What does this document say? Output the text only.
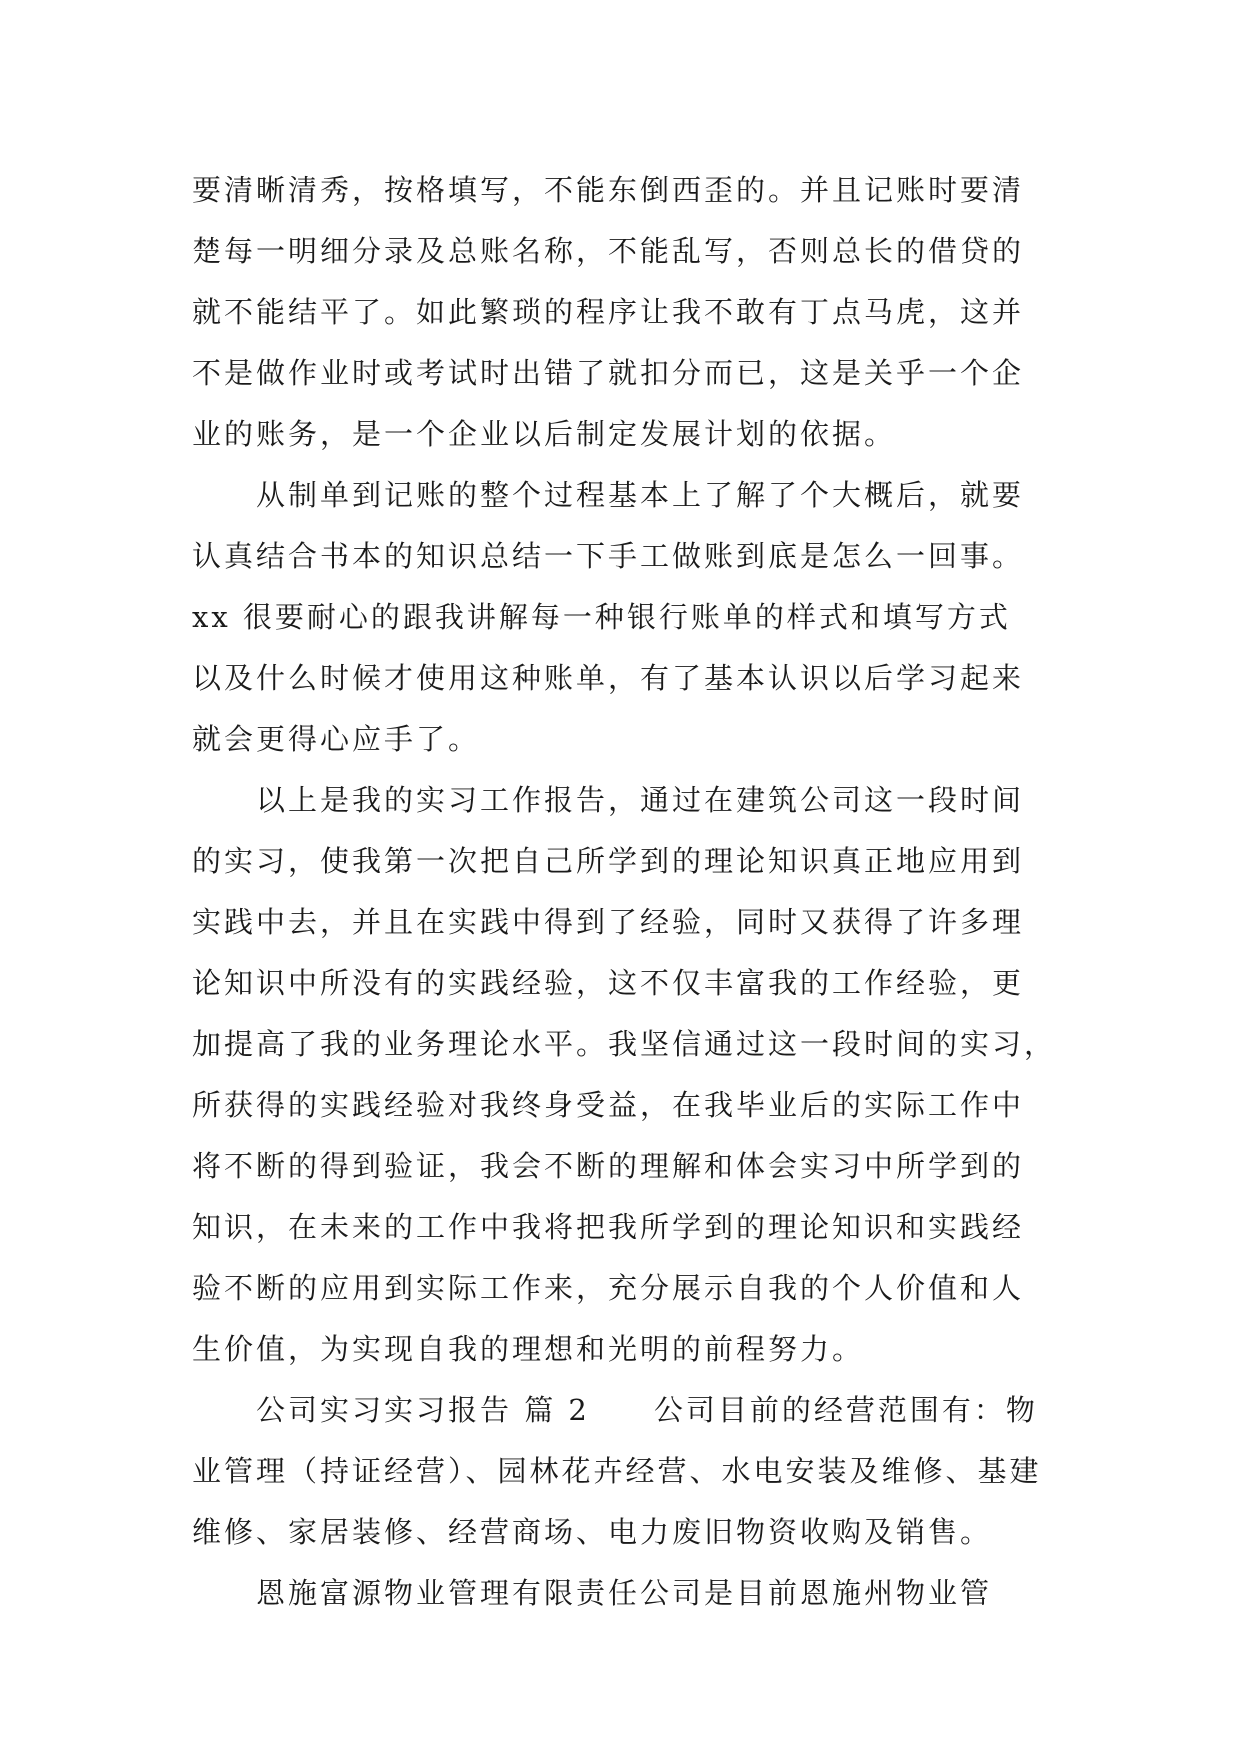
要清晰清秀，按格填写，不能东倒西歪的。并且记账时要清
楚每一明细分录及总账名称，不能乱写，否则总长的借贷的
就不能结平了。如此繁琐的程序让我不敢有丁点马虎，这并
不是做作业时或考试时出错了就扣分而已，这是关乎一个企
业的账务，是一个企业以后制定发展计划的依据。
从制单到记账的整个过程基本上了解了个大概后，就要
认真结合书本的知识总结一下手工做账到底是怎么一回事。
xx 很要耐心的跟我讲解每一种银行账单的样式和填写方式
以及什么时候才使用这种账单，有了基本认识以后学习起来
就会更得心应手了。
以上是我的实习工作报告，通过在建筑公司这一段时间
的实习，使我第一次把自己所学到的理论知识真正地应用到
实践中去，并且在实践中得到了经验，同时又获得了许多理
论知识中所没有的实践经验，这不仅丰富我的工作经验，更
加提高了我的业务理论水平。我坚信通过这一段时间的实习，
所获得的实践经验对我终身受益，在我毕业后的实际工作中
将不断的得到验证，我会不断的理解和体会实习中所学到的
知识，在未来的工作中我将把我所学到的理论知识和实践经
验不断的应用到实际工作来，充分展示自我的个人价值和人
生价值，为实现自我的理想和光明的前程努力。
公司实习实习报告 篇 2　　公司目前的经营范围有：物
业管理（持证经营）、园林花卉经营、水电安装及维修、基建
维修、家居装修、经营商场、电力废旧物资收购及销售。
恩施富源物业管理有限责任公司是目前恩施州物业管
